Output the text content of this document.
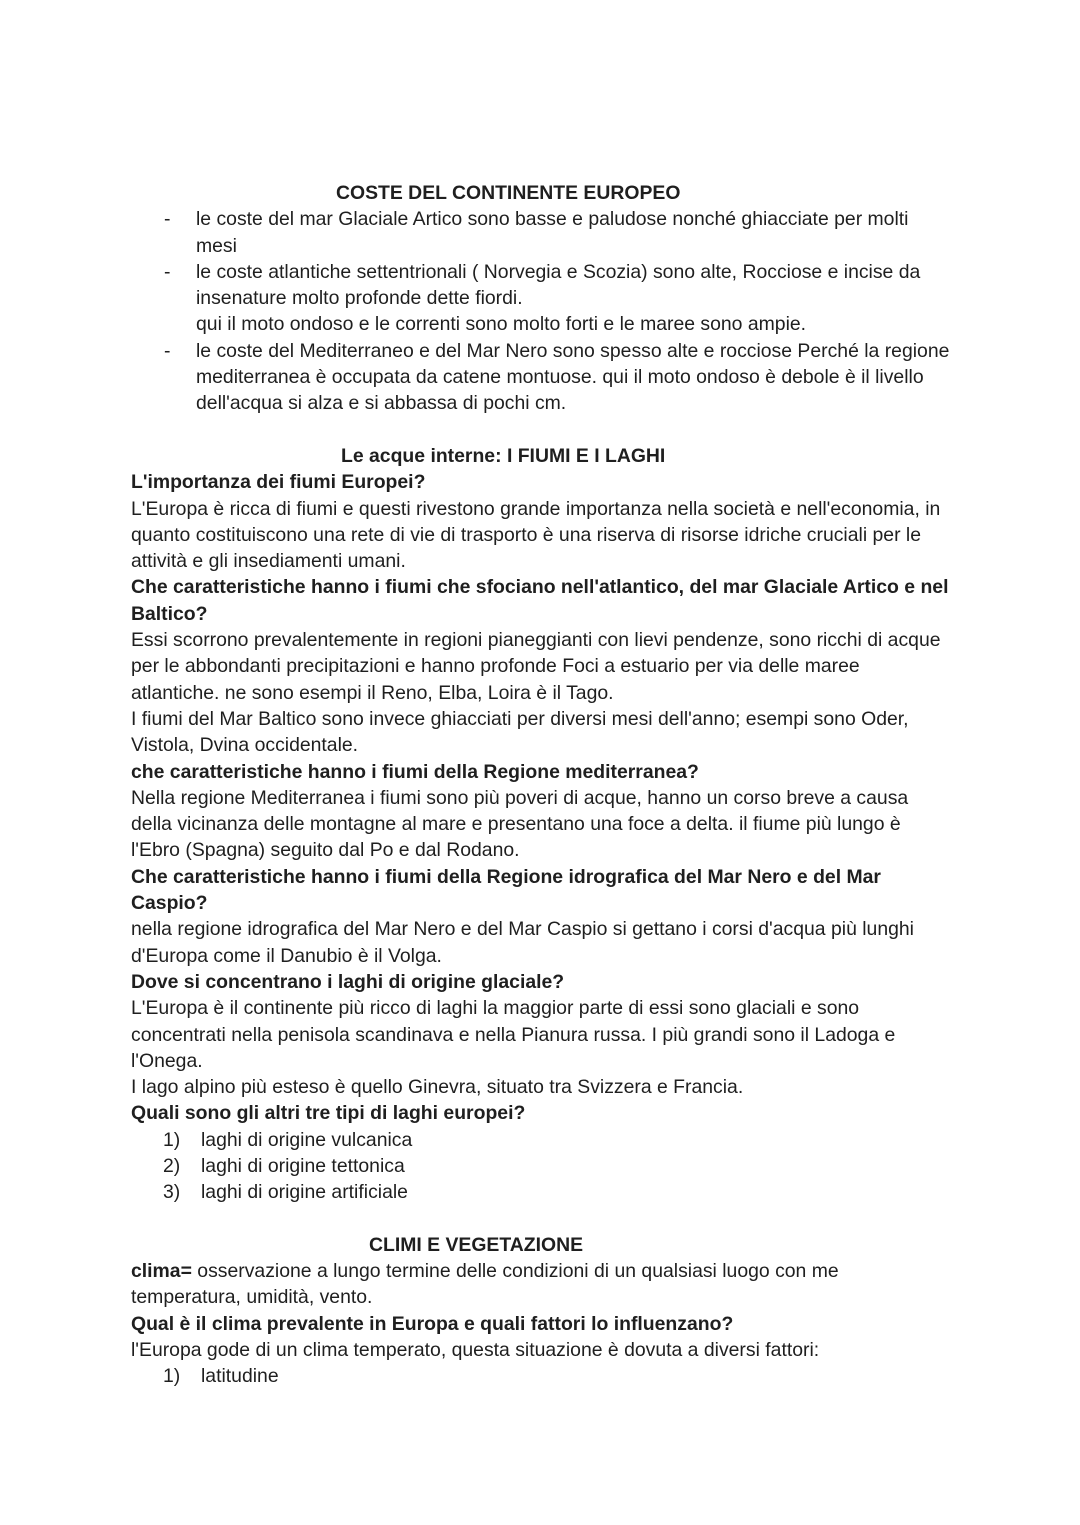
COSTE DEL CONTINENTE EUROPEO

- le coste del mar Glaciale Artico sono basse e paludose nonché ghiacciate per molti mesi
- le coste atlantiche settentrionali ( Norvegia e Scozia) sono alte, Rocciose e incise da insenature molto profonde dette fiordi.
qui il moto ondoso e le correnti sono molto forti e le maree sono ampie.
- le coste del Mediterraneo e del Mar Nero sono spesso alte e rocciose Perché la regione mediterranea è occupata da catene montuose. qui il moto ondoso è debole è il livello dell'acqua si alza e si abbassa di pochi cm.

Le acque interne: I FIUMI E I LAGHI

L'importanza dei fiumi Europei?

L'Europa è ricca di fiumi e questi rivestono grande importanza nella società e nell'economia, in quanto costituiscono una rete di vie di trasporto è una riserva di risorse idriche cruciali per le attività e gli insediamenti umani.

Che caratteristiche hanno i fiumi che sfociano nell'atlantico, del mar Glaciale Artico e nel Baltico?

Essi scorrono prevalentemente in regioni pianeggianti con lievi pendenze, sono ricchi di acque per le abbondanti precipitazioni e hanno profonde Foci a estuario per via delle maree atlantiche. ne sono esempi il Reno, Elba, Loira è il Tago.

I fiumi del Mar Baltico sono invece ghiacciati per diversi mesi dell'anno; esempi sono Oder, Vistola, Dvina occidentale.

che caratteristiche hanno i fiumi della Regione mediterranea?

Nella regione Mediterranea i fiumi sono più poveri di acque, hanno un corso breve a causa della vicinanza delle montagne al mare e presentano una foce a delta. il fiume più lungo è l'Ebro (Spagna) seguito dal Po e dal Rodano.

Che caratteristiche hanno i fiumi della Regione idrografica del Mar Nero e del Mar Caspio?

nella regione idrografica del Mar Nero e del Mar Caspio si gettano i corsi d'acqua più lunghi d'Europa come il Danubio è il Volga.

Dove si concentrano i laghi di origine glaciale?

L'Europa è il continente più ricco di laghi la maggior parte di essi sono glaciali e sono concentrati nella penisola scandinava e nella Pianura russa. I più grandi sono il Ladoga e l'Onega.

I lago alpino più esteso è quello Ginevra, situato tra Svizzera e Francia.

Quali sono gli altri tre tipi di laghi europei?

1) laghi di origine vulcanica
2) laghi di origine tettonica
3) laghi di origine artificiale

CLIMI E VEGETAZIONE

clima= osservazione a lungo termine delle condizioni di un qualsiasi luogo con me temperatura, umidità, vento.

Qual è il clima prevalente in Europa e quali fattori lo influenzano?

l'Europa gode di un clima temperato, questa situazione è dovuta a diversi fattori:

1) latitudine
